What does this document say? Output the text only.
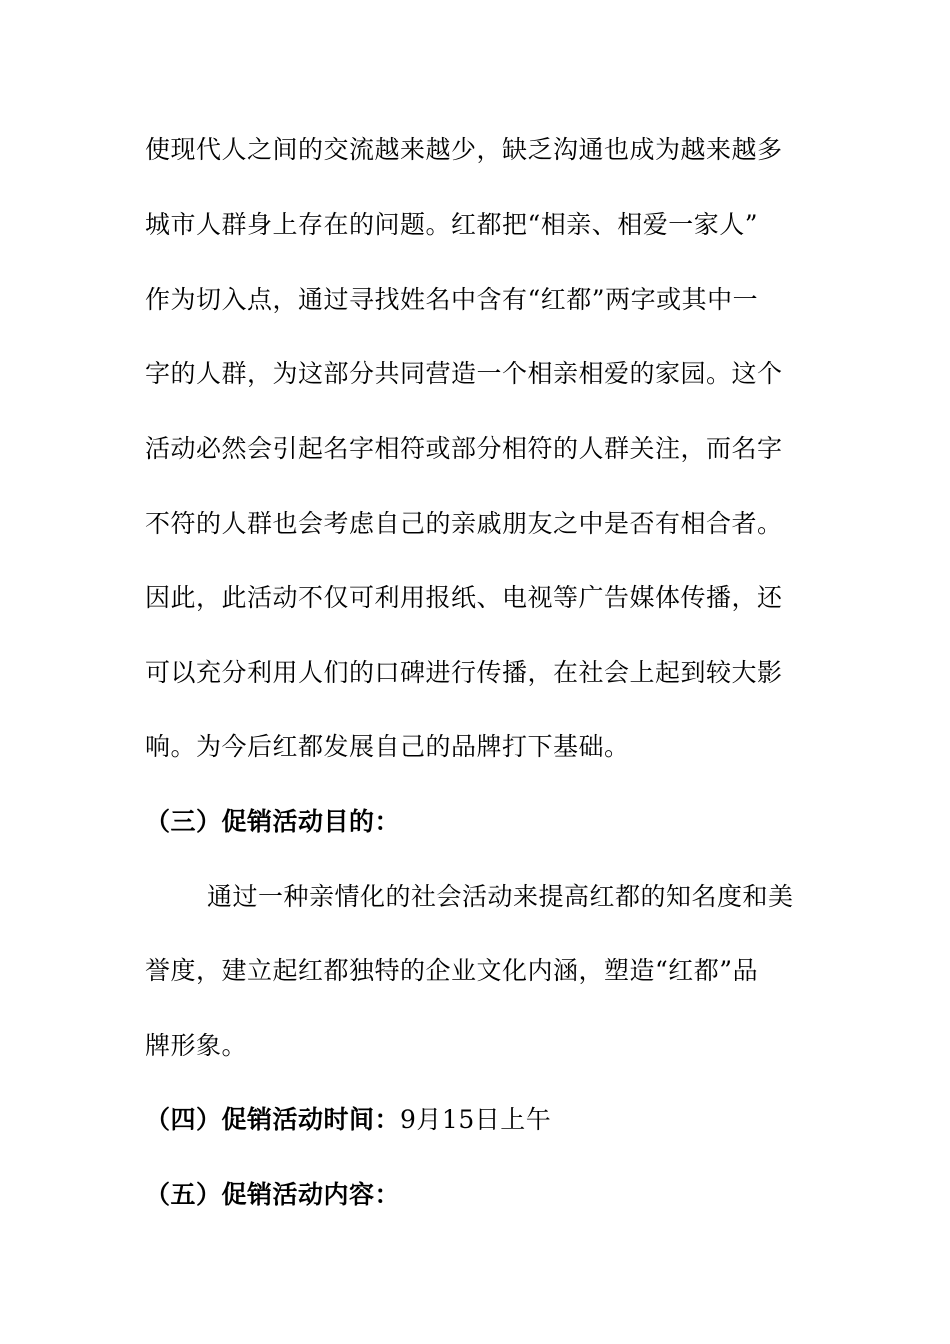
使现代人之间的交流越来越少，缺乏沟通也成为越来越多
城市人群身上存在的问题。红都把“相亲、相爱一家人”
作为切入点，通过寻找姓名中含有“红都”两字或其中一
字的人群，为这部分共同营造一个相亲相爱的家园。这个
活动必然会引起名字相符或部分相符的人群关注，而名字
不符的人群也会考虑自己的亲戚朋友之中是否有相合者。
因此，此活动不仅可利用报纸、电视等广告媒体传播，还
可以充分利用人们的口碑进行传播，在社会上起到较大影
响。为今后红都发展自己的品牌打下基础。
（三）促销活动目的：
通过一种亲情化的社会活动来提高红都的知名度和美
誉度，建立起红都独特的企业文化内涵，塑造“红都”品
牌形象。
（四）促销活动时间：9月15日上午
（五）促销活动内容：
